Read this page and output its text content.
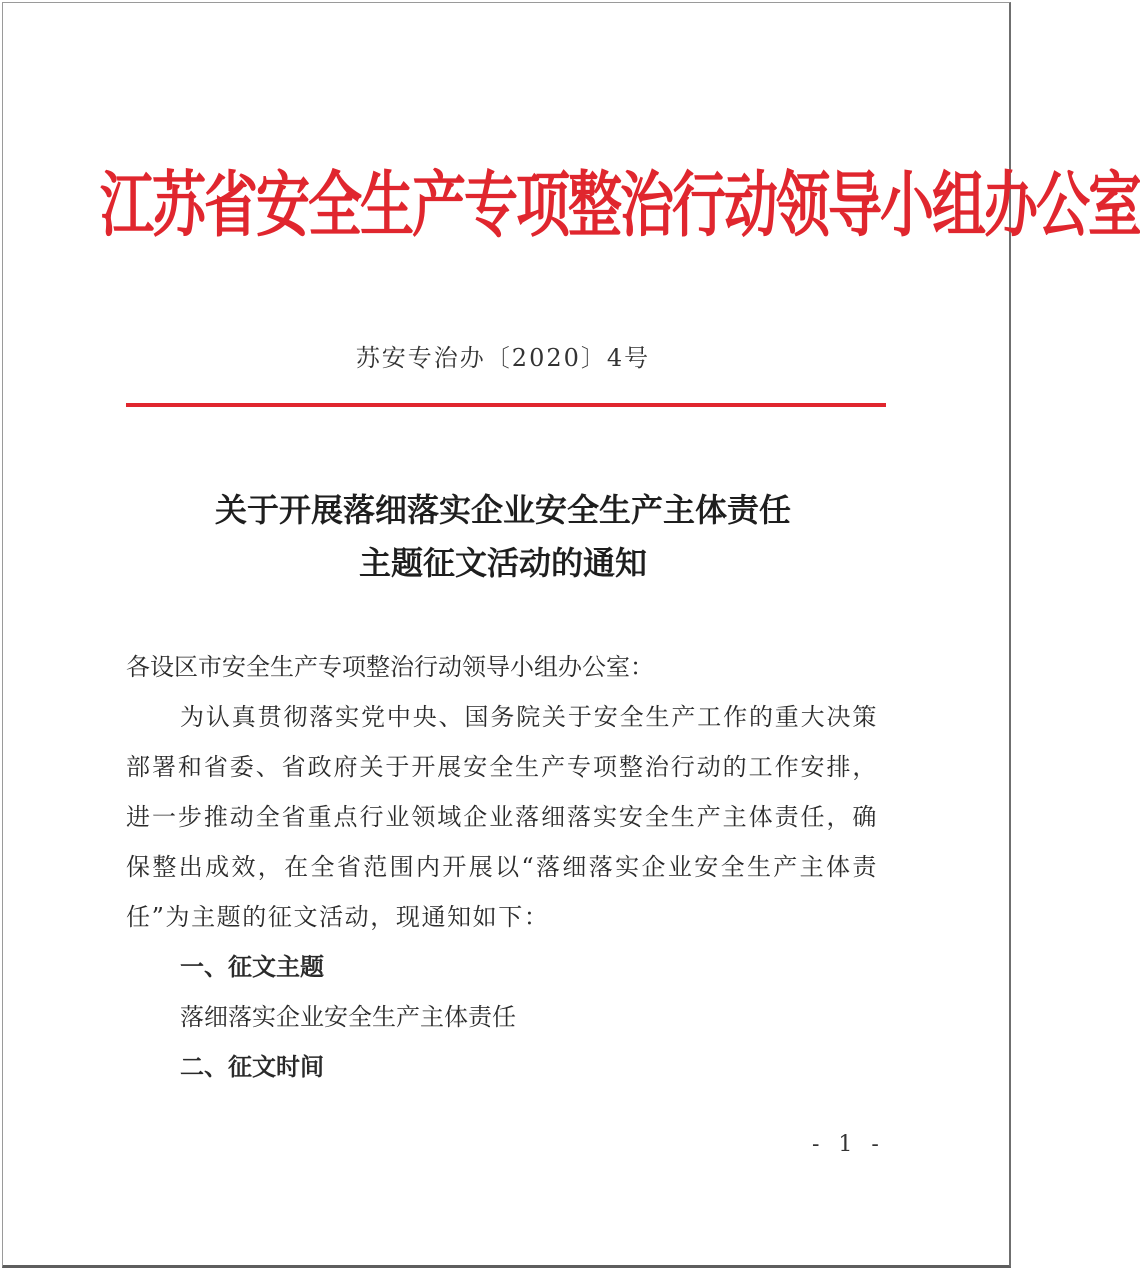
江苏省安全生产专项整治行动领导小组办公室
苏安专治办〔2020〕4号
关于开展落细落实企业安全生产主体责任
主题征文活动的通知

各设区市安全生产专项整治行动领导小组办公室：

为认真贯彻落实党中央、国务院关于安全生产工作的重大决策部署和省委、省政府关于开展安全生产专项整治行动的工作安排，进一步推动全省重点行业领域企业落细落实安全生产主体责任，确保整出成效，在全省范围内开展以“落细落实企业安全生产主体责任”为主题的征文活动，现通知如下：

一、征文主题

落细落实企业安全生产主体责任

二、征文时间

- 1 -
